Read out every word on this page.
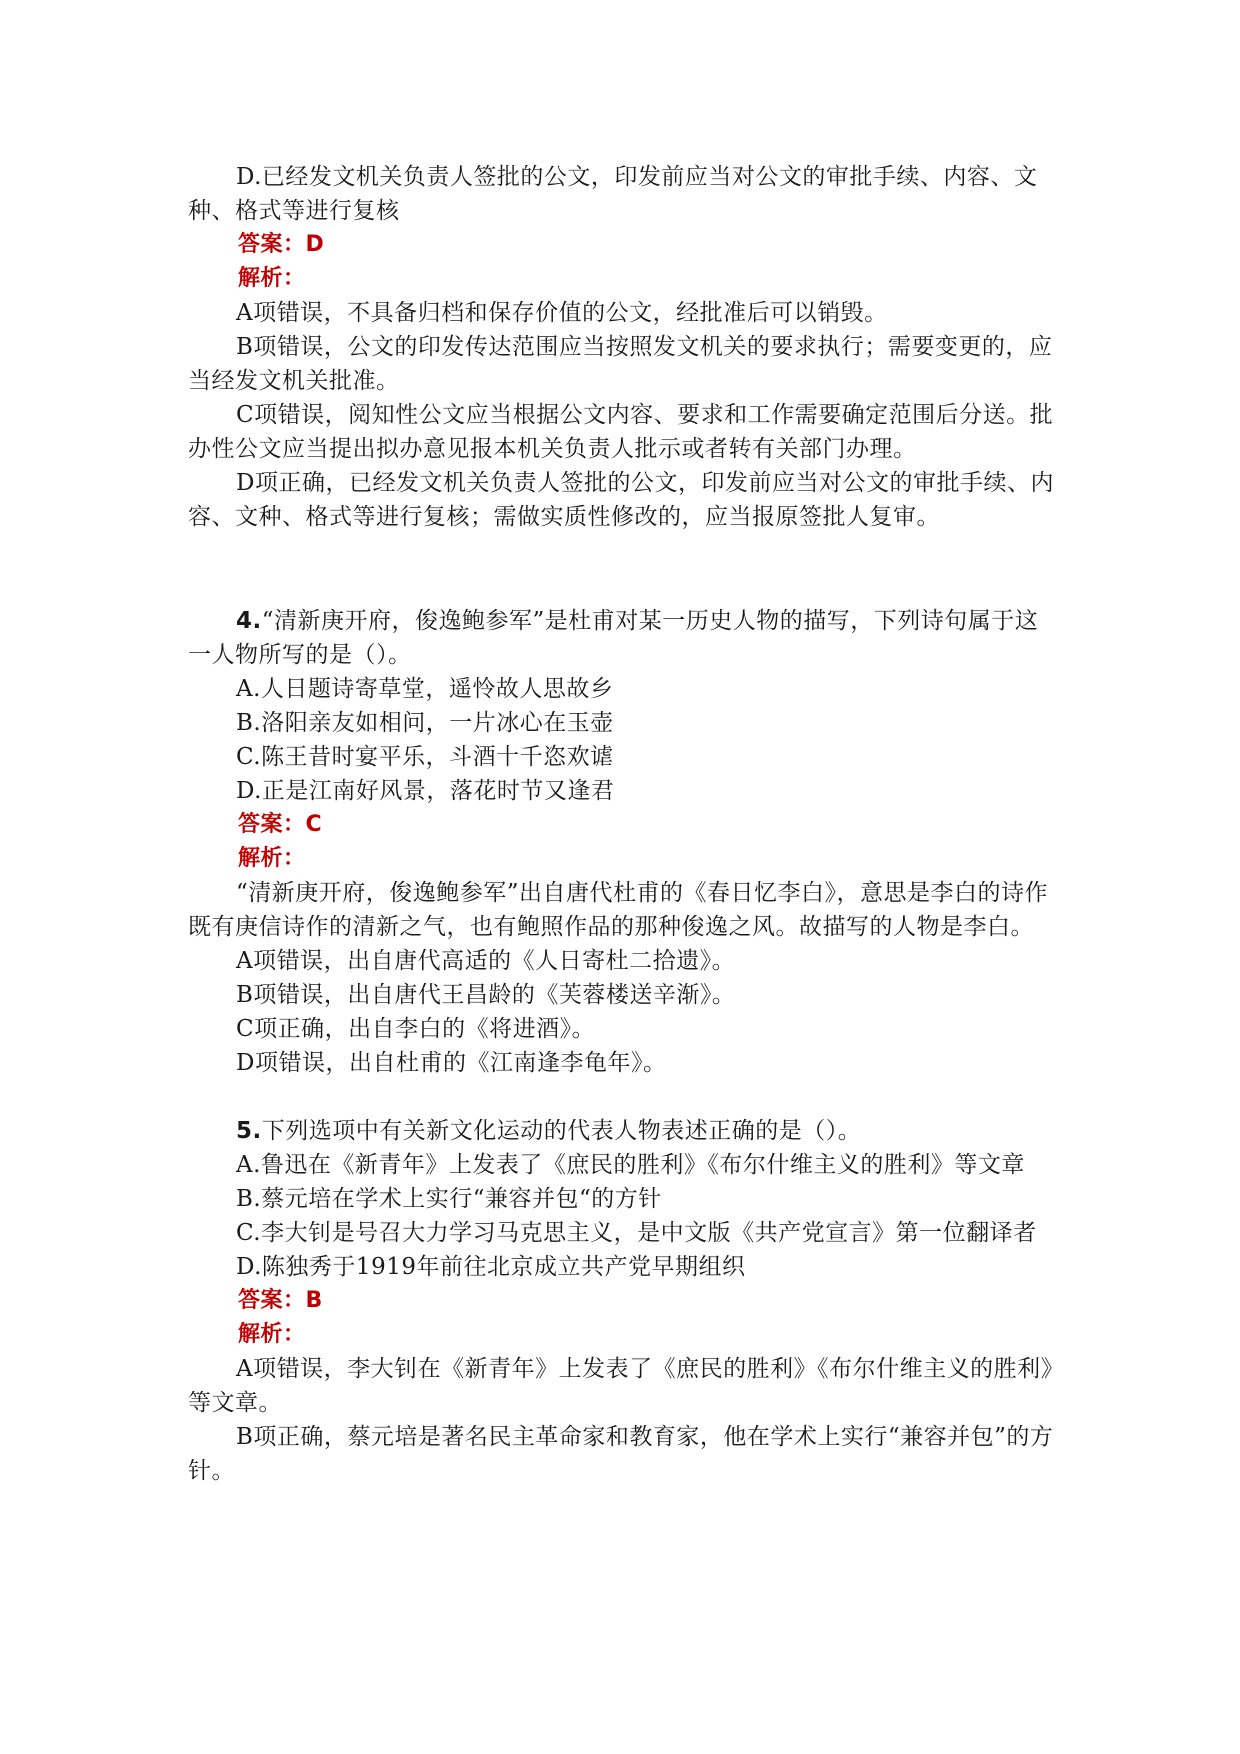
D.已经发文机关负责人签批的公文，印发前应当对公文的审批手续、内容、文种、格式等进行复核

答案：D

解析：

A项错误，不具备归档和保存价值的公文，经批准后可以销毁。

B项错误，公文的印发传达范围应当按照发文机关的要求执行；需要变更的，应当经发文机关批准。

C项错误，阅知性公文应当根据公文内容、要求和工作需要确定范围后分送。批办性公文应当提出拟办意见报本机关负责人批示或者转有关部门办理。

D项正确，已经发文机关负责人签批的公文，印发前应当对公文的审批手续、内容、文种、格式等进行复核；需做实质性修改的，应当报原签批人复审。

4.“清新庚开府，俊逸鲍参军”是杜甫对某一历史人物的描写，下列诗句属于这一人物所写的是（）。

A.人日题诗寄草堂，遥怜故人思故乡

B.洛阳亲友如相问，一片冰心在玉壶

C.陈王昔时宴平乐，斗酒十千恣欢谑

D.正是江南好风景，落花时节又逢君

答案：C

解析：

“清新庚开府，俊逸鲍参军”出自唐代杜甫的《春日忆李白》，意思是李白的诗作既有庚信诗作的清新之气，也有鲍照作品的那种俊逸之风。故描写的人物是李白。

A项错误，出自唐代高适的《人日寄杜二拾遗》。

B项错误，出自唐代王昌龄的《芙蓉楼送辛渐》。

C项正确，出自李白的《将进酒》。

D项错误，出自杜甫的《江南逢李龟年》。

5.下列选项中有关新文化运动的代表人物表述正确的是（）。

A.鲁迅在《新青年》上发表了《庶民的胜利》《布尔什维主义的胜利》等文章

B.蔡元培在学术上实行“兼容并包“的方针

C.李大钊是号召大力学习马克思主义，是中文版《共产党宣言》第一位翻译者

D.陈独秀于1919年前往北京成立共产党早期组织

答案：B

解析：

A项错误，李大钊在《新青年》上发表了《庶民的胜利》《布尔什维主义的胜利》等文章。

B项正确，蔡元培是著名民主革命家和教育家，他在学术上实行“兼容并包”的方针。
